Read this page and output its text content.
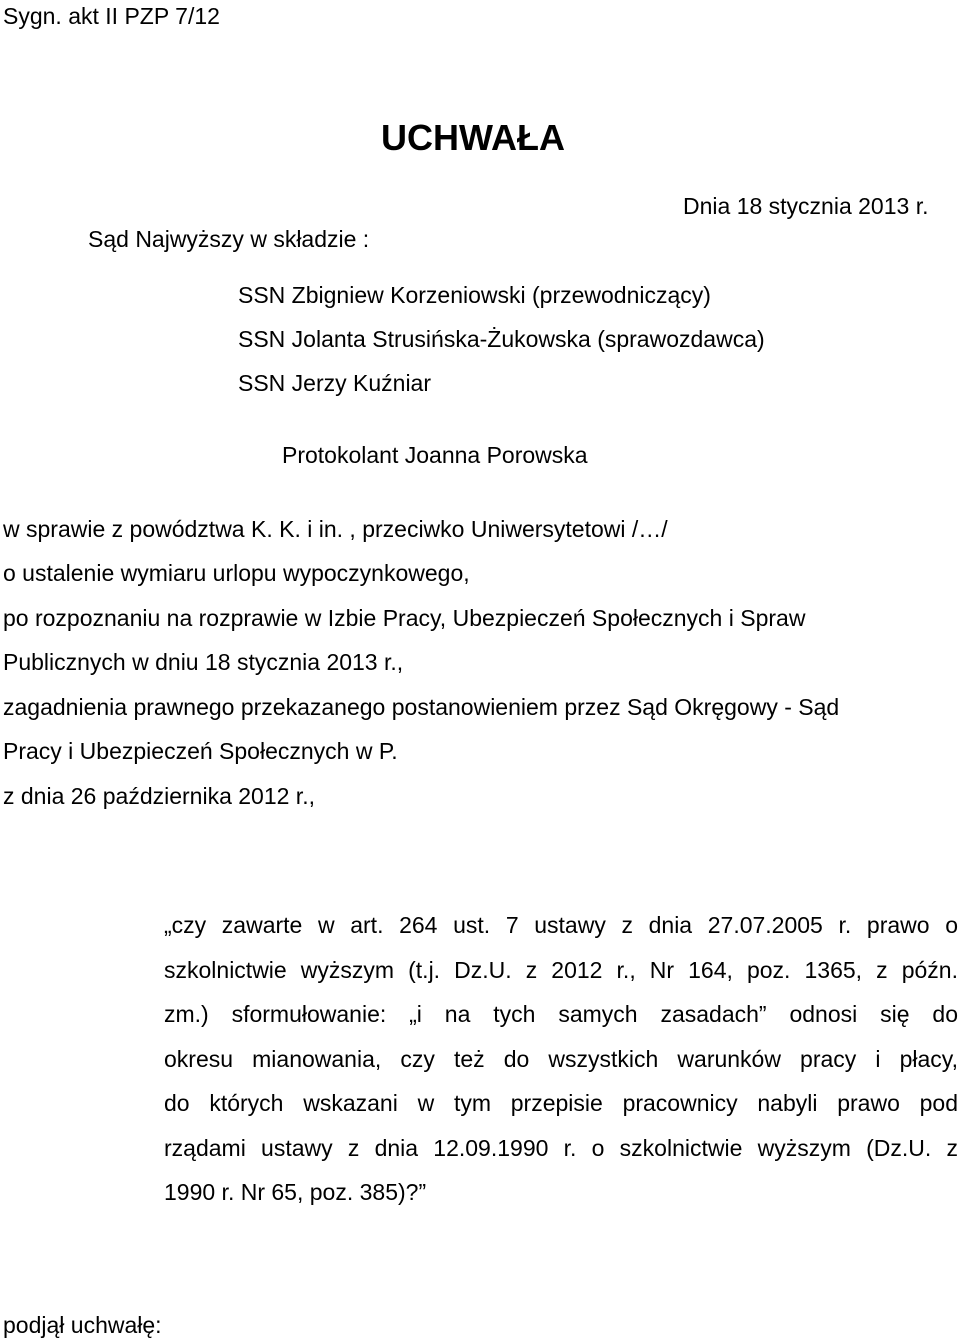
Sygn. akt II PZP 7/12
UCHWAŁA
Dnia 18 stycznia 2013 r.
Sąd Najwyższy w składzie :
SSN Zbigniew Korzeniowski (przewodniczący)
SSN Jolanta Strusińska-Żukowska (sprawozdawca)
SSN Jerzy Kuźniar
Protokolant Joanna Porowska
w sprawie z powództwa K. K. i in. , przeciwko Uniwersytetowi /…/
o ustalenie wymiaru urlopu wypoczynkowego,
po rozpoznaniu na rozprawie w Izbie Pracy, Ubezpieczeń Społecznych i Spraw
Publicznych w dniu 18 stycznia 2013 r.,
zagadnienia prawnego przekazanego postanowieniem przez Sąd Okręgowy - Sąd
Pracy i Ubezpieczeń Społecznych w P.
z dnia 26 października 2012 r.,
„czy zawarte w art. 264 ust. 7 ustawy z dnia 27.07.2005 r. prawo o
szkolnictwie wyższym (t.j. Dz.U. z 2012 r., Nr 164, poz. 1365, z późn.
zm.) sformułowanie: „i na tych samych zasadach” odnosi się do
okresu mianowania, czy też do wszystkich warunków pracy i płacy,
do których wskazani w tym przepisie pracownicy nabyli prawo pod
rządami ustawy z dnia 12.09.1990 r. o szkolnictwie wyższym (Dz.U. z
1990 r. Nr 65, poz. 385)?”
podjął uchwałę:
